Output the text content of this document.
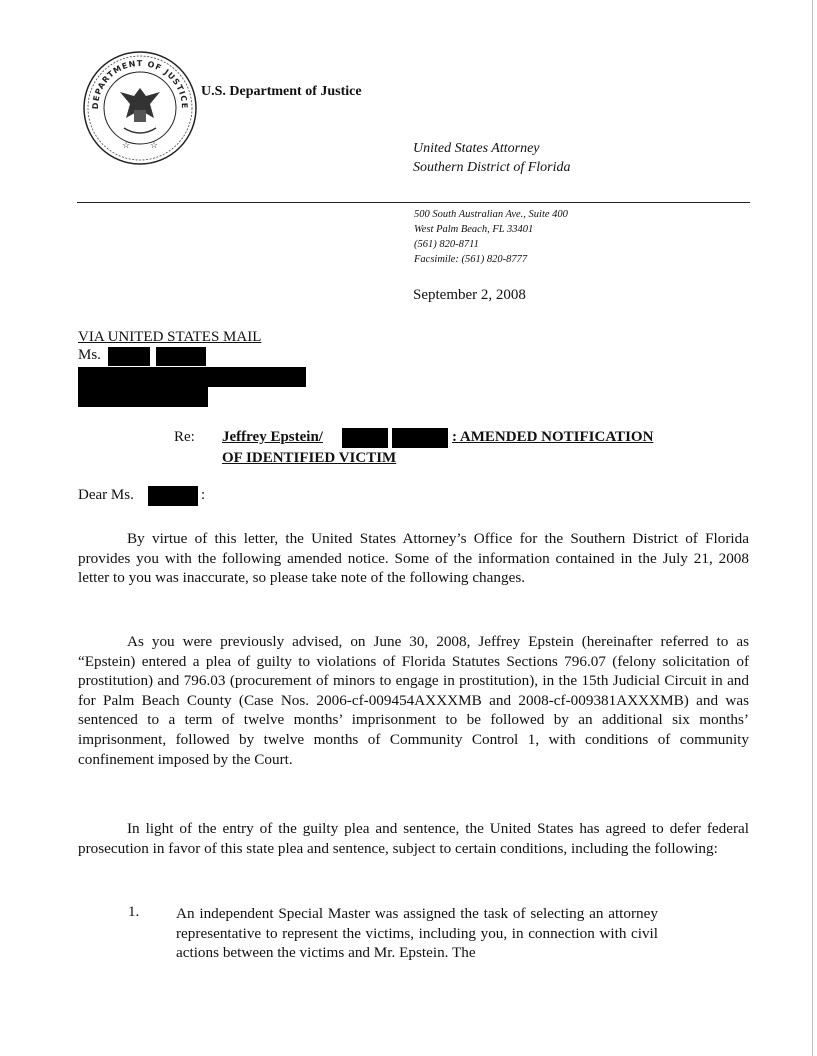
DEPARTMENT OF JUSTICE
☆ ☆
U.S. Department of Justice
United States Attorney
Southern District of Florida
500 South Australian Ave., Suite 400
West Palm Beach, FL 33401
(561) 820-8711
Facsimile: (561) 820-8777
September 2, 2008
VIA UNITED STATES MAIL
Ms.
Re: Jeffrey Epstein/	: AMENDED NOTIFICATION
OF IDENTIFIED VICTIM
Dear Ms.	:
By virtue of this letter, the United States Attorney’s Office for the Southern District of Florida provides you with the following amended notice. Some of the information contained in the July 21, 2008 letter to you was inaccurate, so please take note of the following changes.
As you were previously advised, on June 30, 2008, Jeffrey Epstein (hereinafter referred to as “Epstein) entered a plea of guilty to violations of Florida Statutes Sections 796.07 (felony solicitation of prostitution) and 796.03 (procurement of minors to engage in prostitution), in the 15th Judicial Circuit in and for Palm Beach County (Case Nos. 2006-cf-009454AXXXMB and 2008-cf-009381AXXXMB) and was sentenced to a term of twelve months’ imprisonment to be followed by an additional six months’ imprisonment, followed by twelve months of Community Control 1, with conditions of community confinement imposed by the Court.
In light of the entry of the guilty plea and sentence, the United States has agreed to defer federal prosecution in favor of this state plea and sentence, subject to certain conditions, including the following:
1. An independent Special Master was assigned the task of selecting an attorney representative to represent the victims, including you, in connection with civil actions between the victims and Mr. Epstein. The
